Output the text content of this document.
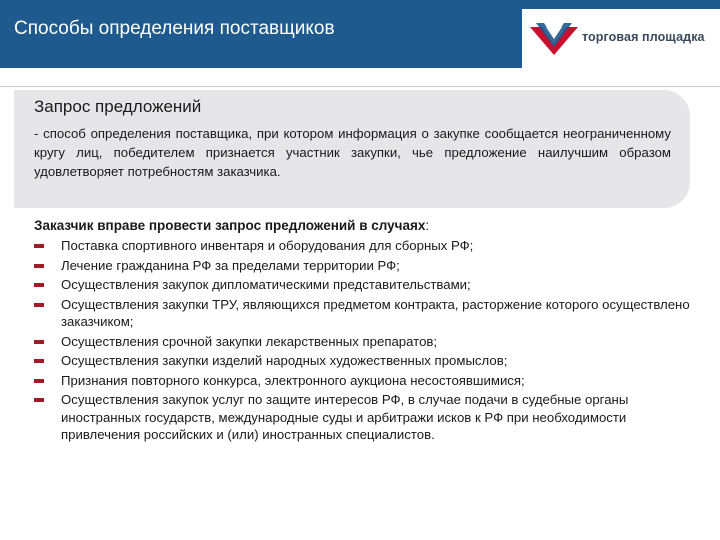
Способы определения поставщиков	торговая площадка
Запрос предложений
- способ определения поставщика, при котором информация о закупке сообщается неограниченному кругу лиц, победителем признается участник закупки, чье предложение наилучшим образом удовлетворяет потребностям заказчика.
Заказчик вправе провести запрос предложений в случаях:
Поставка спортивного инвентаря и оборудования для сборных РФ;
Лечение гражданина РФ за пределами территории РФ;
Осуществления закупок дипломатическими представительствами;
Осуществления закупки ТРУ, являющихся предметом контракта, расторжение которого осуществлено заказчиком;
Осуществления срочной закупки лекарственных препаратов;
Осуществления закупки изделий народных художественных промыслов;
Признания повторного конкурса, электронного аукциона несостоявшимися;
Осуществления закупок услуг по защите интересов РФ, в случае подачи в судебные органы иностранных государств, международные суды и арбитражи исков к РФ при необходимости привлечения российских и (или) иностранных специалистов.
